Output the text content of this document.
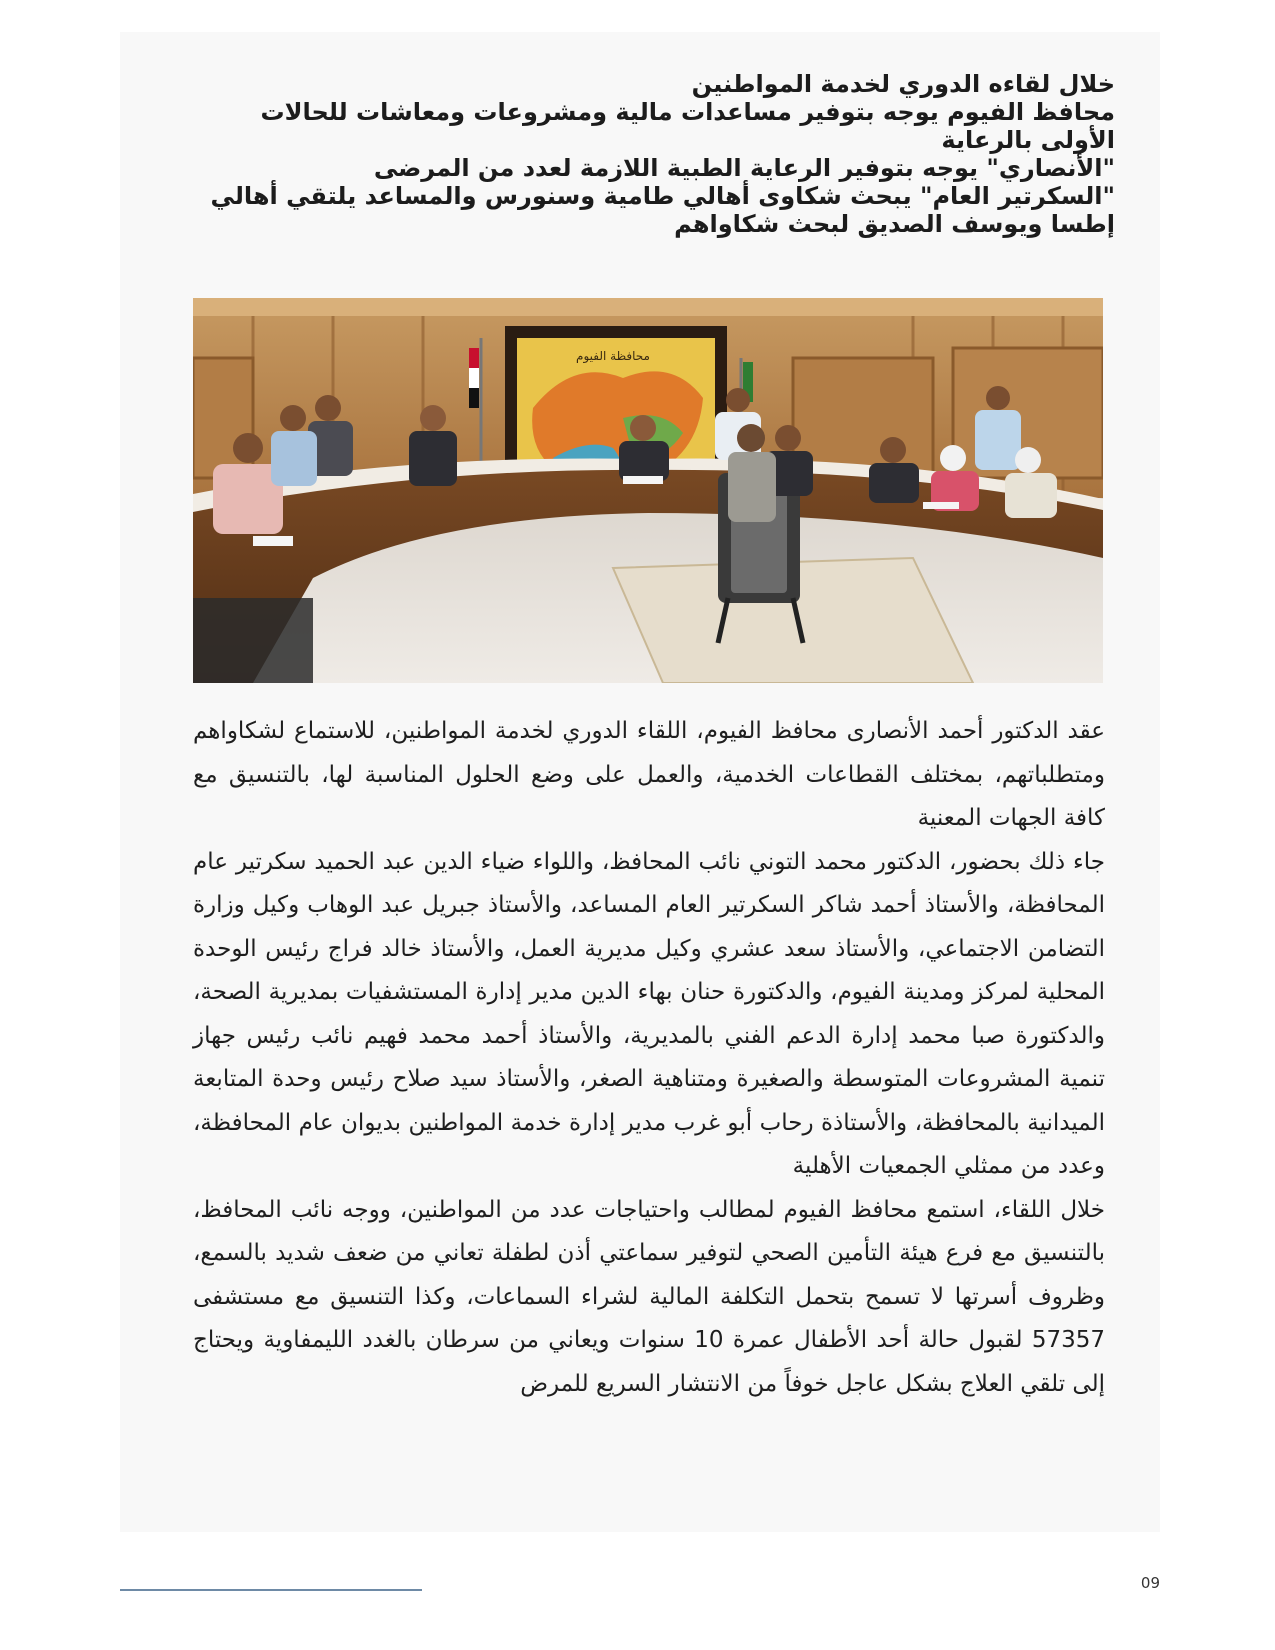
خلال لقاءه الدوري لخدمة المواطنين
محافظ الفيوم يوجه بتوفير مساعدات مالية ومشروعات ومعاشات للحالات الأولى بالرعاية
"الأنصاري" يوجه بتوفير الرعاية الطبية اللازمة لعدد من المرضى
"السكرتير العام" يبحث شكاوى أهالي طامية وسنورس والمساعد يلتقي أهالي إطسا ويوسف الصديق لبحث شكاواهم
محافظة الفيوم

عقد الدكتور أحمد الأنصارى محافظ الفيوم، اللقاء الدوري لخدمة المواطنين، للاستماع لشكاواهم ومتطلباتهم، بمختلف القطاعات الخدمية، والعمل على وضع الحلول المناسبة لها، بالتنسيق مع كافة الجهات المعنية

جاء ذلك بحضور، الدكتور محمد التوني نائب المحافظ، واللواء ضياء الدين عبد الحميد سكرتير عام المحافظة، والأستاذ أحمد شاكر السكرتير العام المساعد، والأستاذ جبريل عبد الوهاب وكيل وزارة التضامن الاجتماعي، والأستاذ سعد عشري وكيل مديرية العمل، والأستاذ خالد فراج رئيس الوحدة المحلية لمركز ومدينة الفيوم، والدكتورة حنان بهاء الدين مدير إدارة المستشفيات بمديرية الصحة، والدكتورة صبا محمد إدارة الدعم الفني بالمديرية، والأستاذ أحمد محمد فهيم نائب رئيس جهاز تنمية المشروعات المتوسطة والصغيرة ومتناهية الصغر، والأستاذ سيد صلاح رئيس وحدة المتابعة الميدانية بالمحافظة، والأستاذة رحاب أبو غرب مدير إدارة خدمة المواطنين بديوان عام المحافظة، وعدد من ممثلي الجمعيات الأهلية

خلال اللقاء، استمع محافظ الفيوم لمطالب واحتياجات عدد من المواطنين، ووجه نائب المحافظ، بالتنسيق مع فرع هيئة التأمين الصحي لتوفير سماعتي أذن لطفلة تعاني من ضعف شديد بالسمع، وظروف أسرتها لا تسمح بتحمل التكلفة المالية لشراء السماعات، وكذا التنسيق مع مستشفى 57357 لقبول حالة أحد الأطفال عمرة 10 سنوات ويعاني من سرطان بالغدد الليمفاوية ويحتاج إلى تلقي العلاج بشكل عاجل خوفاً من الانتشار السريع للمرض

09
